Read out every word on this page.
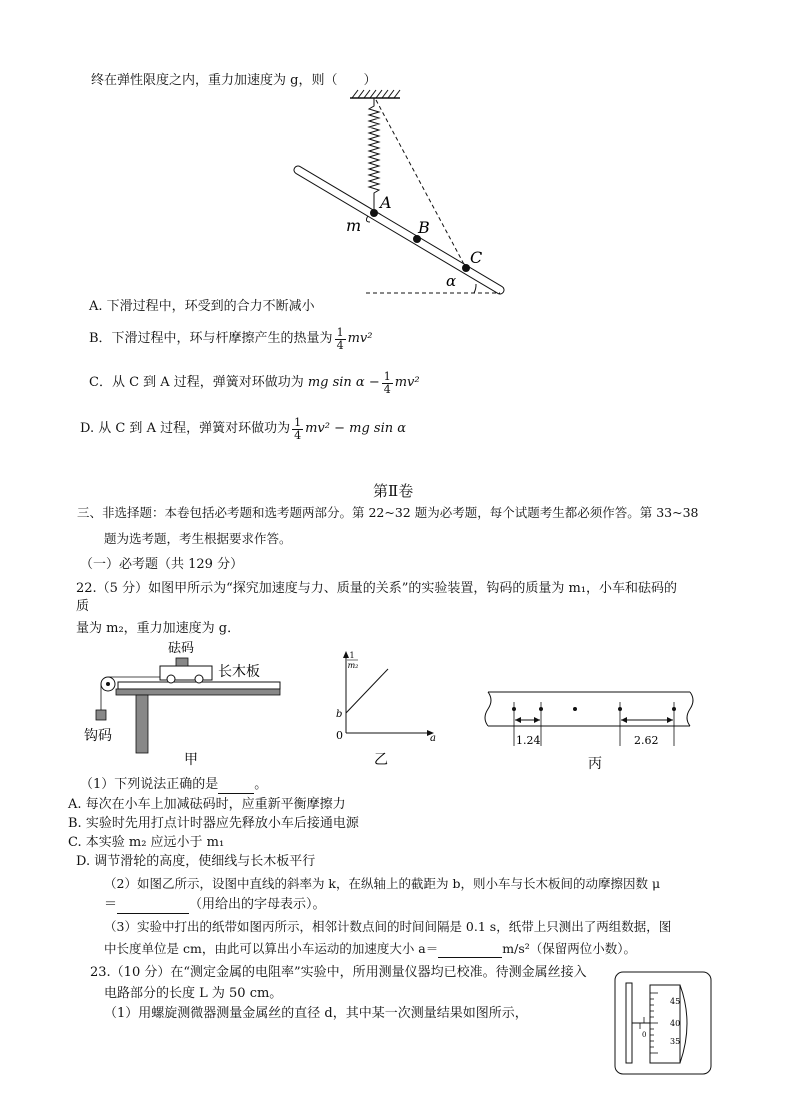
终在弹性限度之内，重力加速度为 g，则（　　）
A
B
C
m
α
A. 下滑过程中，环受到的合力不断减小
B．下滑过程中，环与杆摩擦产生的热量为 $\frac{1}{4} mv^2$
C．从 C 到 A 过程，弹簧对环做功为 mg $\sin \alpha - \frac{1}{4} mv^2$
D. 从 C 到 A 过程，弹簧对环做功为 $\frac{1}{4} mv^2$ − mg sin α
第Ⅱ卷
三、非选择题：本卷包括必考题和选考题两部分。第 22~32 题为必考题，每个试题考生都必须作答。第 33~38
题为选考题，考生根据要求作答。
（一）必考题（共 129 分）
22.（5 分）如图甲所示为“探究加速度与力、质量的关系”的实验装置，钩码的质量为 m₁，小车和砝码的
质
量为 m₂，重力加速度为 g．
砝码
长木板
钩码
甲
1
m₂
b
0	a
乙
1.24	2.62
丙
（1）下列说法正确的是	。
A. 每次在小车上加减砝码时，应重新平衡摩擦力
B. 实验时先用打点计时器应先释放小车后接通电源
C. 本实验 m₂ 应远小于 m₁
D. 调节滑轮的高度，使细线与长木板平行
（2）如图乙所示，设图中直线的斜率为 k，在纵轴上的截距为 b，则小车与长木板间的动摩擦因数 μ
＝	（用给出的字母表示）。
（3）实验中打出的纸带如图丙所示，相邻计数点间的时间间隔是 0.1 s，纸带上只测出了两组数据，图
中长度单位是 cm，由此可以算出小车运动的加速度大小 a＝	m/s²（保留两位小数）。
23.（10 分）在“测定金属的电阻率”实验中，所用测量仪器均已校准。待测金属丝接入
电路部分的长度 L 为 50 cm。
（1）用螺旋测微器测量金属丝的直径 d，其中某一次测量结果如图所示，
45
40
35
0
